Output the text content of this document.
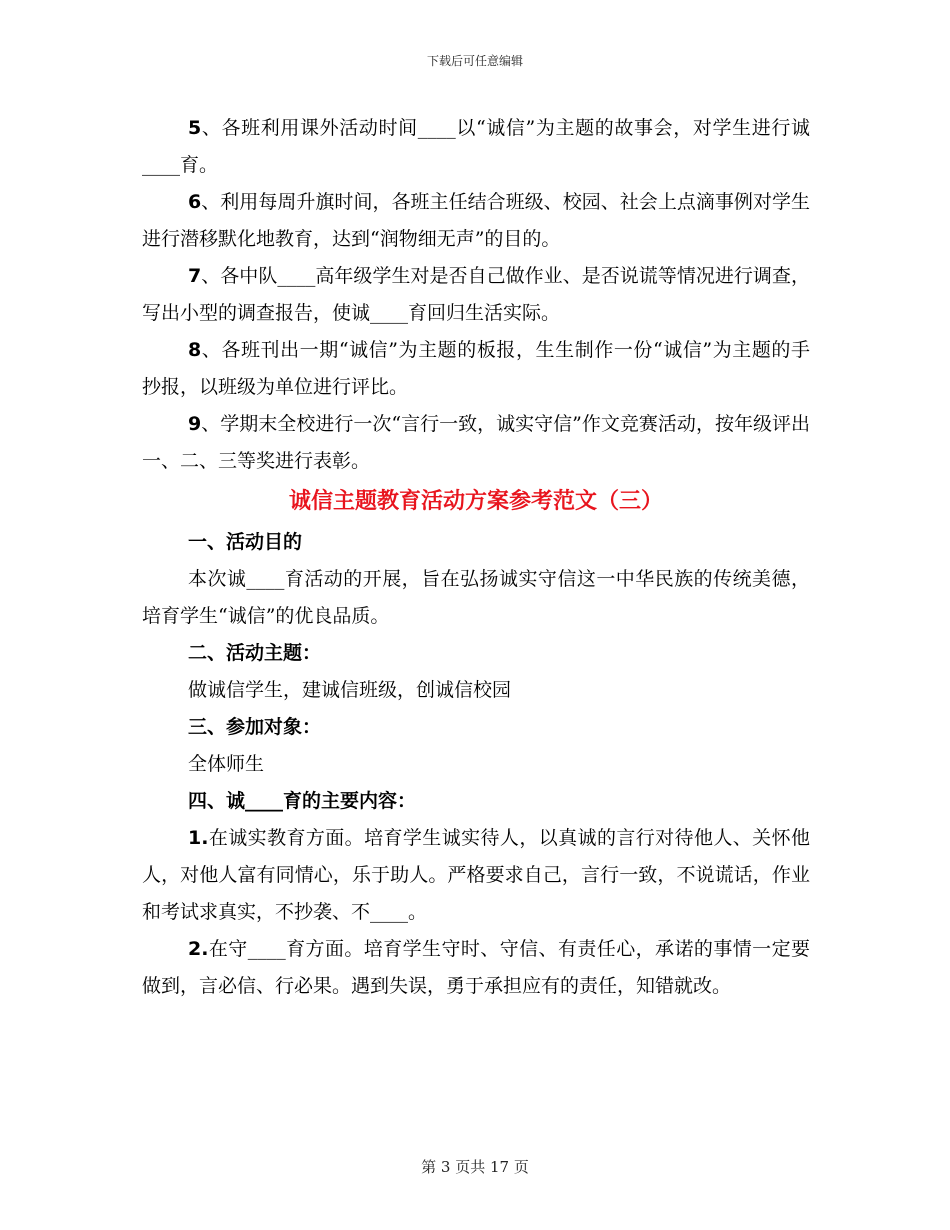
下载后可任意编辑

5、各班利用课外活动时间____以“诚信”为主题的故事会，对学生进行诚____育。

6、利用每周升旗时间，各班主任结合班级、校园、社会上点滴事例对学生进行潜移默化地教育，达到“润物细无声”的目的。

7、各中队____高年级学生对是否自己做作业、是否说谎等情况进行调查，写出小型的调查报告，使诚____育回归生活实际。

8、各班刊出一期“诚信”为主题的板报，生生制作一份“诚信”为主题的手抄报，以班级为单位进行评比。

9、学期末全校进行一次“言行一致，诚实守信”作文竞赛活动，按年级评出一、二、三等奖进行表彰。

诚信主题教育活动方案参考范文（三）

一、活动目的

本次诚____育活动的开展，旨在弘扬诚实守信这一中华民族的传统美德，培育学生“诚信”的优良品质。

二、活动主题：

做诚信学生，建诚信班级，创诚信校园

三、参加对象：

全体师生

四、诚____育的主要内容：

1.在诚实教育方面。培育学生诚实待人，以真诚的言行对待他人、关怀他人，对他人富有同情心，乐于助人。严格要求自己，言行一致，不说谎话，作业和考试求真实，不抄袭、不____。

2.在守____育方面。培育学生守时、守信、有责任心，承诺的事情一定要做到，言必信、行必果。遇到失误，勇于承担应有的责任，知错就改。

第 3 页共 17 页
